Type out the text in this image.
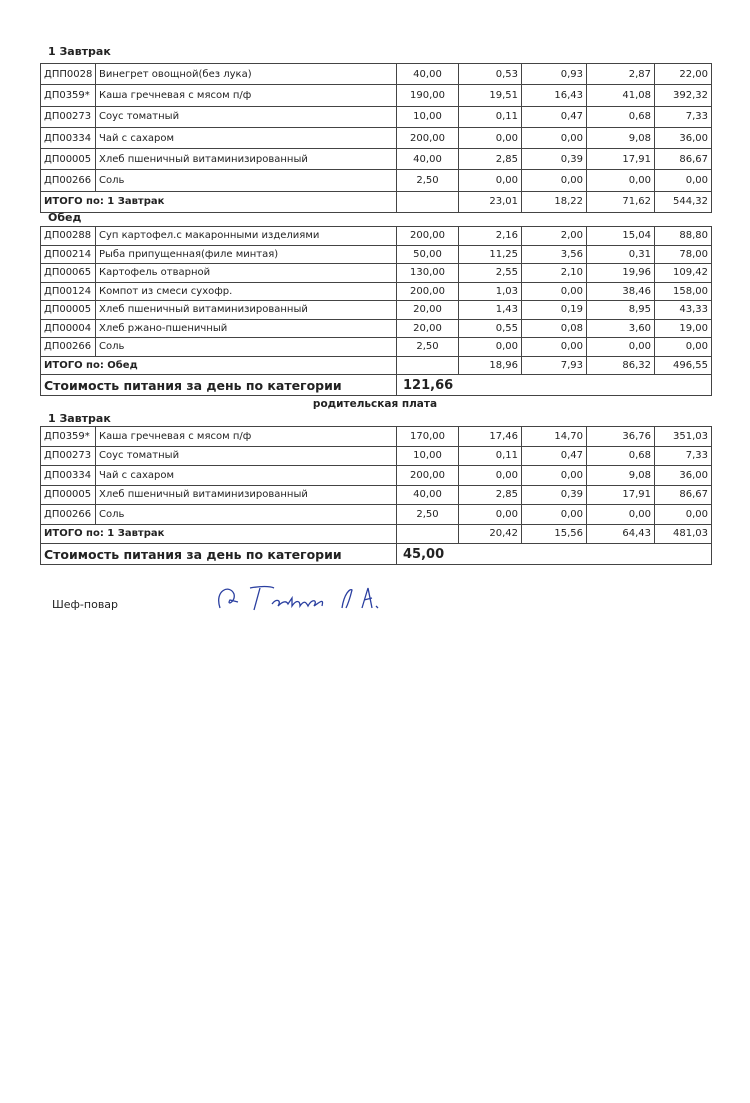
1 Завтрак
ДПП0028	Винегрет овощной(без лука)	40,00	0,53	0,93	2,87	22,00
ДП0359*	Каша гречневая с мясом п/ф	190,00	19,51	16,43	41,08	392,32
ДП00273	Соус томатный	10,00	0,11	0,47	0,68	7,33
ДП00334	Чай с сахаром	200,00	0,00	0,00	9,08	36,00
ДП00005	Хлеб пшеничный витаминизированный	40,00	2,85	0,39	17,91	86,67
ДП00266	Соль	2,50	0,00	0,00	0,00	0,00
ИТОГО по: 1 Завтрак			23,01	18,22	71,62	544,32
Обед
ДП00288	Суп картофел.с макаронными изделиями	200,00	2,16	2,00	15,04	88,80
ДП00214	Рыба припущенная(филе минтая)	50,00	11,25	3,56	0,31	78,00
ДП00065	Картофель отварной	130,00	2,55	2,10	19,96	109,42
ДП00124	Компот из смеси сухофр.	200,00	1,03	0,00	38,46	158,00
ДП00005	Хлеб пшеничный витаминизированный	20,00	1,43	0,19	8,95	43,33
ДП00004	Хлеб ржано-пшеничный	20,00	0,55	0,08	3,60	19,00
ДП00266	Соль	2,50	0,00	0,00	0,00	0,00
ИТОГО по: Обед			18,96	7,93	86,32	496,55
Стоимость питания за день по категории		121,66				
родительская плата
1 Завтрак
ДП0359*	Каша гречневая с мясом п/ф	170,00	17,46	14,70	36,76	351,03
ДП00273	Соус томатный	10,00	0,11	0,47	0,68	7,33
ДП00334	Чай с сахаром	200,00	0,00	0,00	9,08	36,00
ДП00005	Хлеб пшеничный витаминизированный	40,00	2,85	0,39	17,91	86,67
ДП00266	Соль	2,50	0,00	0,00	0,00	0,00
ИТОГО по: 1 Завтрак			20,42	15,56	64,43	481,03
Стоимость питания за день по категории		45,00				
Шеф-повар
